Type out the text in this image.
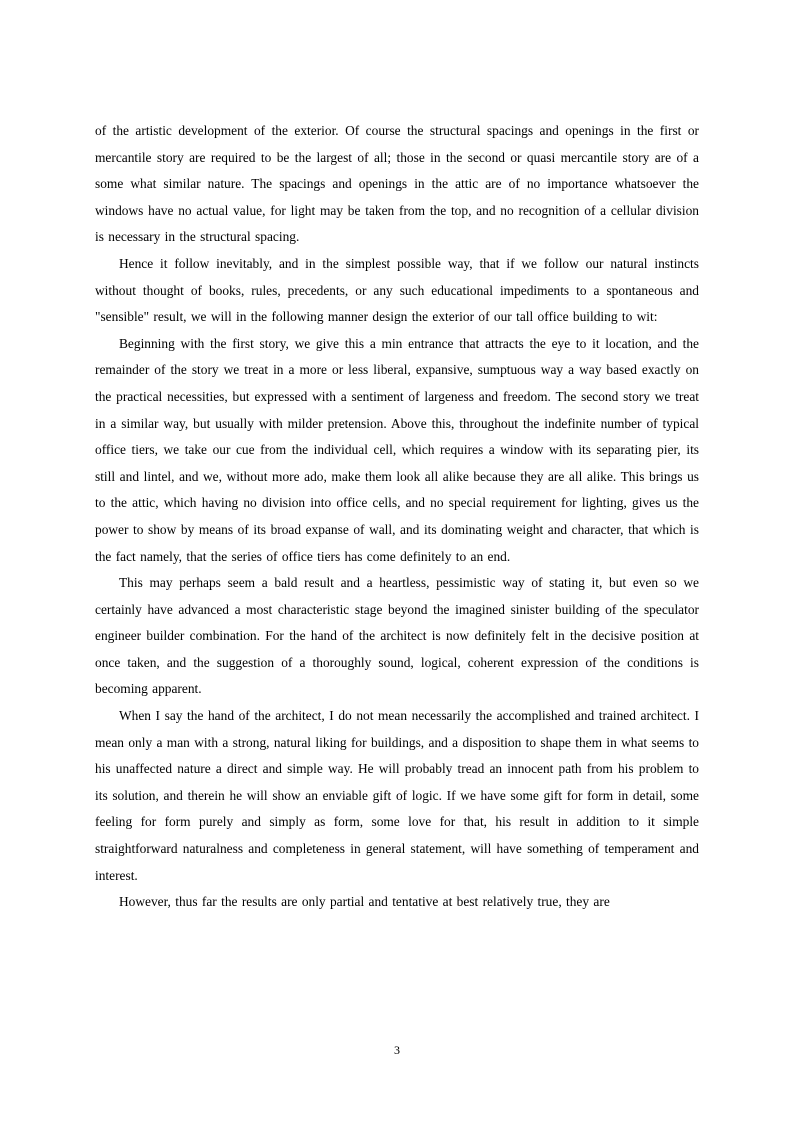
of the artistic development of the exterior. Of course the structural spacings and openings in the first or mercantile story are required to be the largest of all; those in the second or quasi mercantile story are of a some what similar nature. The spacings and openings in the attic are of no importance whatsoever the windows have no actual value, for light may be taken from the top, and no recognition of a cellular division is necessary in the structural spacing.

Hence it follow inevitably, and in the simplest possible way, that if we follow our natural instincts without thought of books, rules, precedents, or any such educational impediments to a spontaneous and "sensible" result, we will in the following manner design the exterior of our tall office building to wit:

Beginning with the first story, we give this a min entrance that attracts the eye to it location, and the remainder of the story we treat in a more or less liberal, expansive, sumptuous way a way based exactly on the practical necessities, but expressed with a sentiment of largeness and freedom. The second story we treat in a similar way, but usually with milder pretension. Above this, throughout the indefinite number of typical office tiers, we take our cue from the individual cell, which requires a window with its separating pier, its still and lintel, and we, without more ado, make them look all alike because they are all alike. This brings us to the attic, which having no division into office cells, and no special requirement for lighting, gives us the power to show by means of its broad expanse of wall, and its dominating weight and character, that which is the fact namely, that the series of office tiers has come definitely to an end.

This may perhaps seem a bald result and a heartless, pessimistic way of stating it, but even so we certainly have advanced a most characteristic stage beyond the imagined sinister building of the speculator engineer builder combination. For the hand of the architect is now definitely felt in the decisive position at once taken, and the suggestion of a thoroughly sound, logical, coherent expression of the conditions is becoming apparent.

When I say the hand of the architect, I do not mean necessarily the accomplished and trained architect. I mean only a man with a strong, natural liking for buildings, and a disposition to shape them in what seems to his unaffected nature a direct and simple way. He will probably tread an innocent path from his problem to its solution, and therein he will show an enviable gift of logic. If we have some gift for form in detail, some feeling for form purely and simply as form, some love for that, his result in addition to it simple straightforward naturalness and completeness in general statement, will have something of temperament and interest.

However, thus far the results are only partial and tentative at best relatively true, they are

3
